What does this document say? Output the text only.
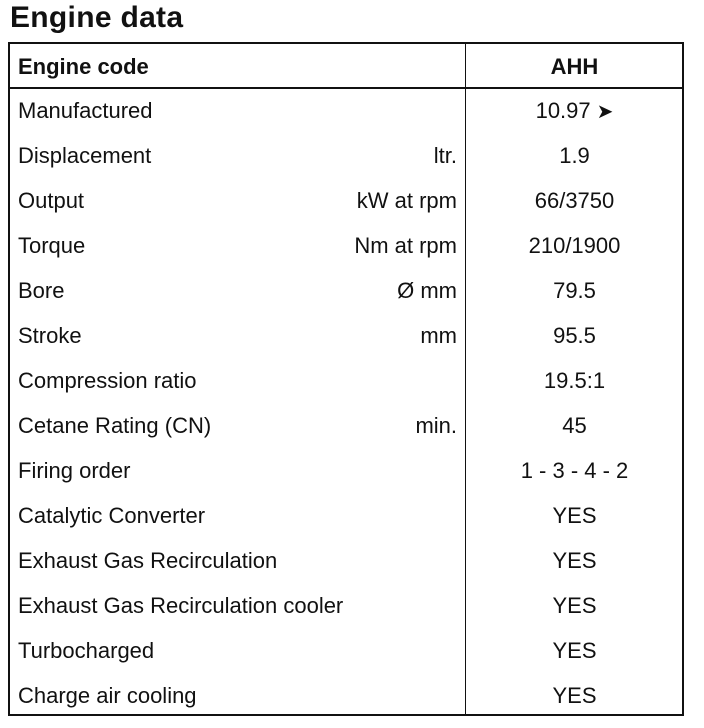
Engine data
Engine code	AHH
Manufactured	10.97 ➤
Displacement	ltr.	1.9
Output	kW at rpm	66/3750
Torque	Nm at rpm	210/1900
Bore	Ø mm	79.5
Stroke	mm	95.5
Compression ratio	19.5:1
Cetane Rating (CN)	min.	45
Firing order	1 - 3 - 4 - 2
Catalytic Converter	YES
Exhaust Gas Recirculation	YES
Exhaust Gas Recirculation cooler	YES
Turbocharged	YES
Charge air cooling	YES
